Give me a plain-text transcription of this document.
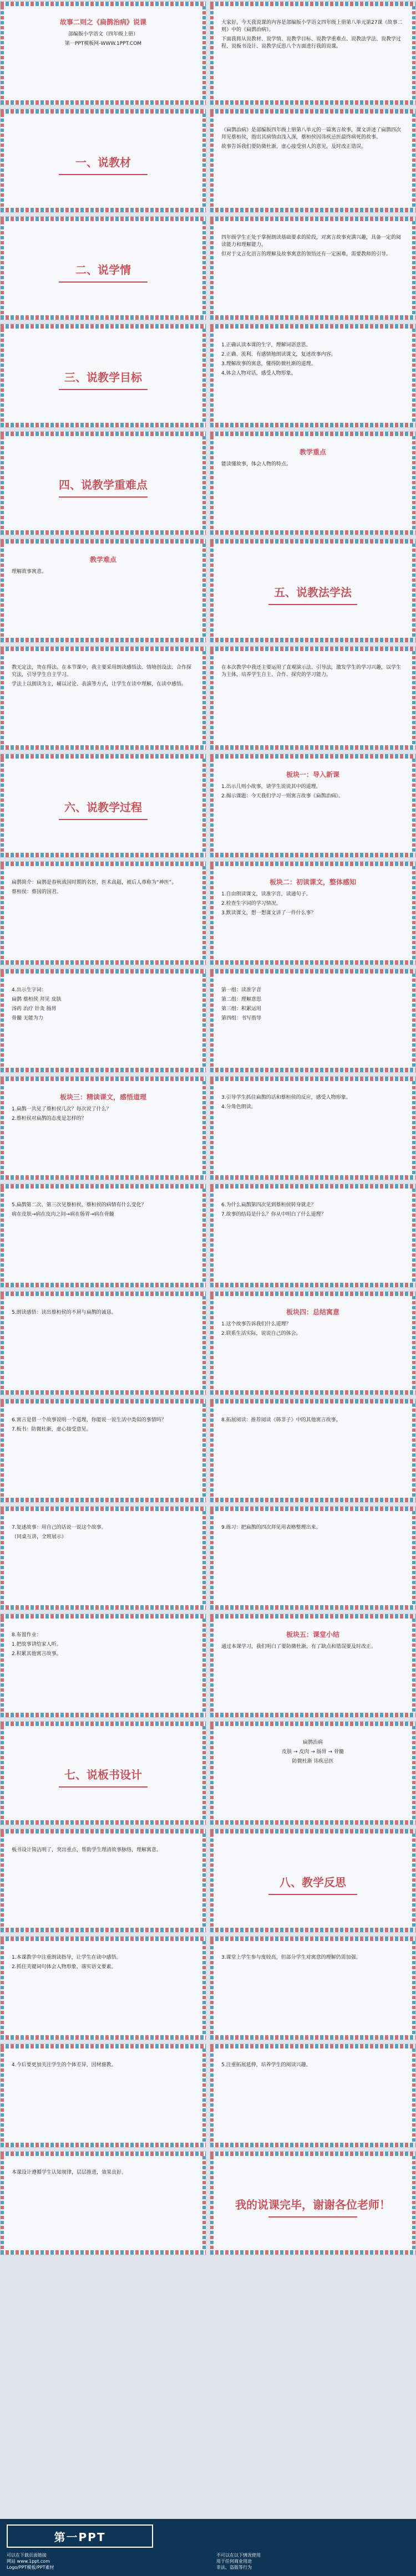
故事二则之《扁鹊治病》说课
部编版小学语文（四年级上册）
第一PPT模板网-WWW.1PPT.COM
大家好，今天我说课的内容是部编版小学语文四年级上册第八单元第27课《故事二则》中的《扁鹊治病》。
下面我将从说教材、说学情、说教学目标、说教学重难点、说教法学法、说教学过程、说板书设计、说教学反思八个方面进行我的说课。
一、说教材
《扁鹊治病》是部编版四年级上册第八单元的一篇寓言故事，课文讲述了扁鹊四次拜见蔡桓侯，指出其病情由浅入深，蔡桓侯因讳疾忌医最终病死的故事。
故事告诉我们要防微杜渐，虚心接受别人的意见，及时改正错误。
二、说学情
四年级学生正处于掌握朗读基础要求的阶段，对寓言故事充满兴趣，具备一定的阅读能力和理解能力。
但对于文言化语言的理解及故事寓意的领悟还有一定困难，需要教师的引导。
三、说教学目标
1.正确认读本课的生字，理解词语意思。
2.正确、流利、有感情地朗读课文，复述故事内容。
3.理解故事的寓意，懂得防微杜渐的道理。
4.体会人物对话，感受人物形象。
四、说教学重难点
教学重点
能读懂故事，体会人物的特点。
教学难点
理解故事寓意。
五、说教法学法
教无定法，贵在得法。在本节课中，我主要采用朗读感悟法、情境创设法、合作探究法，引导学生自主学习。
学法上以朗读为主，辅以讨论、表演等方式，让学生在读中理解，在读中感悟。
在本次教学中我还主要运用了直观演示法、引导法，激发学生的学习兴趣，以学生为主体，培养学生自主、合作、探究的学习能力。
六、说教学过程
板块一：导入新课
1.出示几则小故事，请学生说说其中的道理。
2.揭示课题：今天我们学习一则寓言故事《扁鹊治病》。
扁鹊简介：扁鹊是春秋战国时期的名医，医术高超，被后人尊称为“神医”。
蔡桓侯：蔡国的国君。
板块二：初读课文，整体感知
1.自由朗读课文，读准字音，读通句子。
2.检查生字词的学习情况。
3.默读课文，想一想课文讲了一件什么事？
4.出示生字词：
扁鹊 蔡桓侯 拜见 皮肤
汤药 治疗 针灸 肠胃
骨髓 无能为力
第一组：读准字音
第二组：理解意思
第三组：积累运用
第四组：书写指导
板块三：精读课文，感悟道理
1.扁鹊一共见了蔡桓侯几次？每次说了什么？
2.蔡桓侯对扁鹊的态度是怎样的？
3.引导学生抓住扁鹊的话和蔡桓侯的反应，感受人物形象。
4.分角色朗读。
5.扁鹊第二次、第三次见蔡桓侯，蔡桓侯的病情有什么变化？
病在皮肤→病在皮肉之间→病在肠胃→病在骨髓
6.为什么扁鹊第四次见到蔡桓侯转身就走？
7.故事的结局是什么？你从中明白了什么道理？
5.朗读感悟：读出蔡桓侯的不屑与扁鹊的诚恳。	板块四：总结寓意
1.这个故事告诉我们什么道理？
2.联系生活实际，说说自己的体会。
6.寓言是借一个故事说明一个道理，你能说一说生活中类似的事情吗？
7.板书：防微杜渐，虚心接受意见。
8.拓展阅读：推荐阅读《韩非子》中的其他寓言故事。
7.复述故事：用自己的话说一说这个故事。
（同桌互讲，全班展示）
9.练习：把扁鹊的四次拜见用表格整理出来。
8.布置作业：
1.把故事讲给家人听。
2.积累其他寓言故事。
板块五：课堂小结
通过本课学习，我们明白了要防微杜渐，有了缺点和错误要及时改正。
七、说板书设计
扁鹊治病
皮肤 → 皮肉 → 肠胃 → 骨髓
防微杜渐 讳疾忌医
板书设计简洁明了，突出重点，帮助学生理清故事脉络，理解寓意。
八、教学反思
1.本课教学中注重朗读指导，让学生在读中感悟。
2.抓住关键词句体会人物形象，落实语文要素。
3.课堂上学生参与度较高，但部分学生对寓意的理解仍需加强。
4.今后要更加关注学生的个体差异，因材施教。	5.注重拓展延伸，培养学生的阅读兴趣。
本课设计遵循学生认知规律，层层推进，效果良好。
我的说课完毕，谢谢各位老师！
第一PPT
可以在下载页面链接
网站 www.1ppt.com
Logo/PPT模板/PPT素材
不可以在以下情况使用
用于任何商业用途
非法、盗版等行为
